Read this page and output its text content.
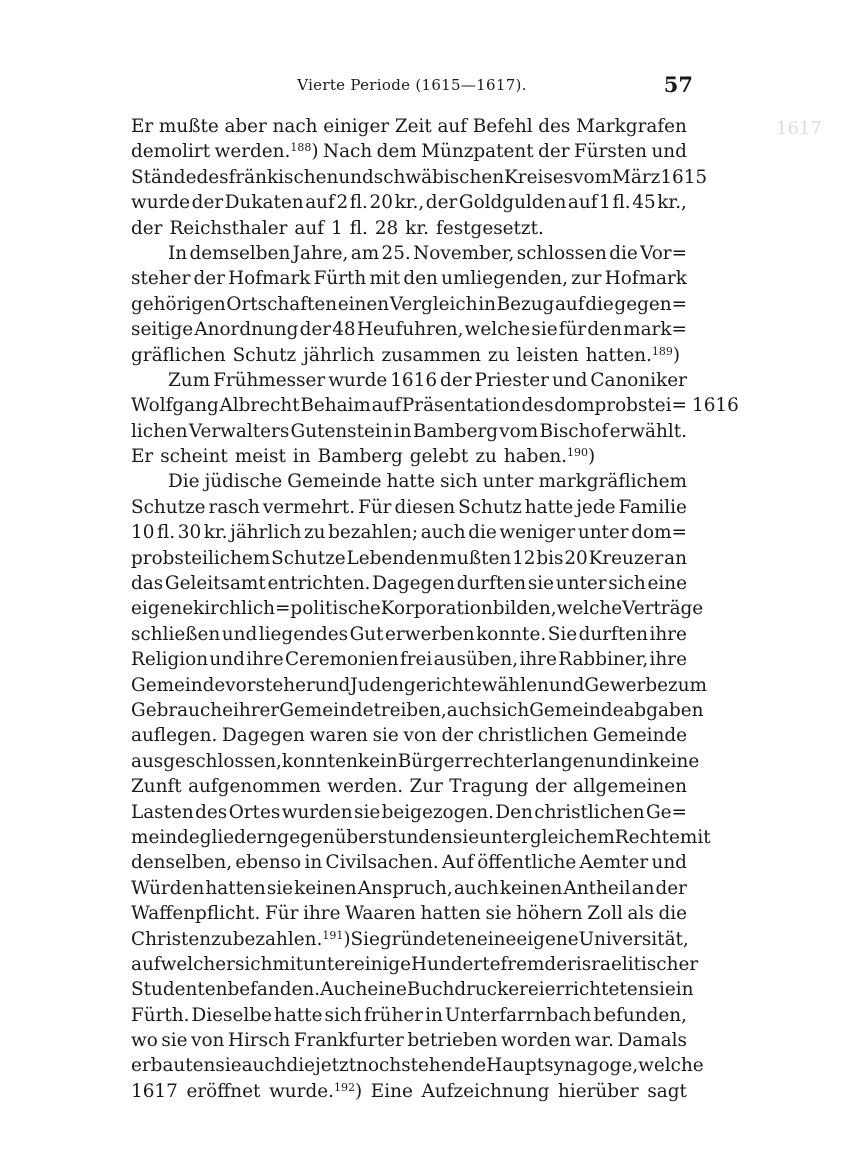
Vierte Periode (1615—1617).	57
1617
Er mußte aber nach einiger Zeit auf Befehl des Markgrafen
demolirt werden.$^{188}$) Nach dem Münzpatent der Fürsten und
Stände des fränkischen und schwäbischen Kreises vom März 1615
wurde der Dukaten auf 2 fl. 20 kr., der Goldgulden auf 1 fl. 45 kr.,
der Reichsthaler auf 1 fl. 28 kr. festgesetzt.
In demselben Jahre, am 25. November, schlossen die Vor=
steher der Hofmark Fürth mit den umliegenden, zur Hofmark
gehörigen Ortschaften einen Vergleich in Bezug auf die gegen=
seitige Anordnung der 48 Heufuhren, welche sie für den mark=
gräflichen Schutz jährlich zusammen zu leisten hatten.$^{189}$)
Zum Frühmesser wurde 1616 der Priester und Canoniker
Wolfgang Albrecht Behaim auf Präsentation des domprobstei=
lichen Verwalters Gutenstein in Bamberg vom Bischof erwählt.
Er scheint meist in Bamberg gelebt zu haben.$^{190}$)
Die jüdische Gemeinde hatte sich unter markgräflichem
Schutze rasch vermehrt. Für diesen Schutz hatte jede Familie
10 fl. 30 kr. jährlich zu bezahlen; auch die weniger unter dom=
probsteilichem Schutze Lebenden mußten 12 bis 20 Kreuzer an
das Geleitsamt entrichten. Dagegen durften sie unter sich eine
eigene kirchlich=politische Korporation bilden, welche Verträge
schließen und liegendes Gut erwerben konnte. Sie durften ihre
Religion und ihre Ceremonien frei ausüben, ihre Rabbiner, ihre
Gemeindevorsteher und Judengerichte wählen und Gewerbe zum
Gebrauche ihrer Gemeinde treiben, auch sich Gemeindeabgaben
auflegen. Dagegen waren sie von der christlichen Gemeinde
ausgeschlossen, konnten kein Bürgerrecht erlangen und in keine
Zunft aufgenommen werden. Zur Tragung der allgemeinen
Lasten des Ortes wurden sie beigezogen. Den christlichen Ge=
meindegliedern gegenüber stunden sie unter gleichem Rechte mit
denselben, ebenso in Civilsachen. Auf öffentliche Aemter und
Würden hatten sie keinen Anspruch, auch keinen Antheil an der
Waffenpflicht. Für ihre Waaren hatten sie höhern Zoll als die
Christen zu bezahlen.$^{191}$) Sie gründeten eine eigene Universität,
auf welcher sich mitunter einige Hunderte fremder israelitischer
Studenten befanden. Auch eine Buchdruckerei errichteten sie in
Fürth. Dieselbe hatte sich früher in Unterfarrnbach befunden,
wo sie von Hirsch Frankfurter betrieben worden war. Damals
erbauten sie auch die jetzt noch stehende Hauptsynagoge, welche
1617 eröffnet wurde.$^{192}$) Eine Aufzeichnung hierüber sagt
1616
